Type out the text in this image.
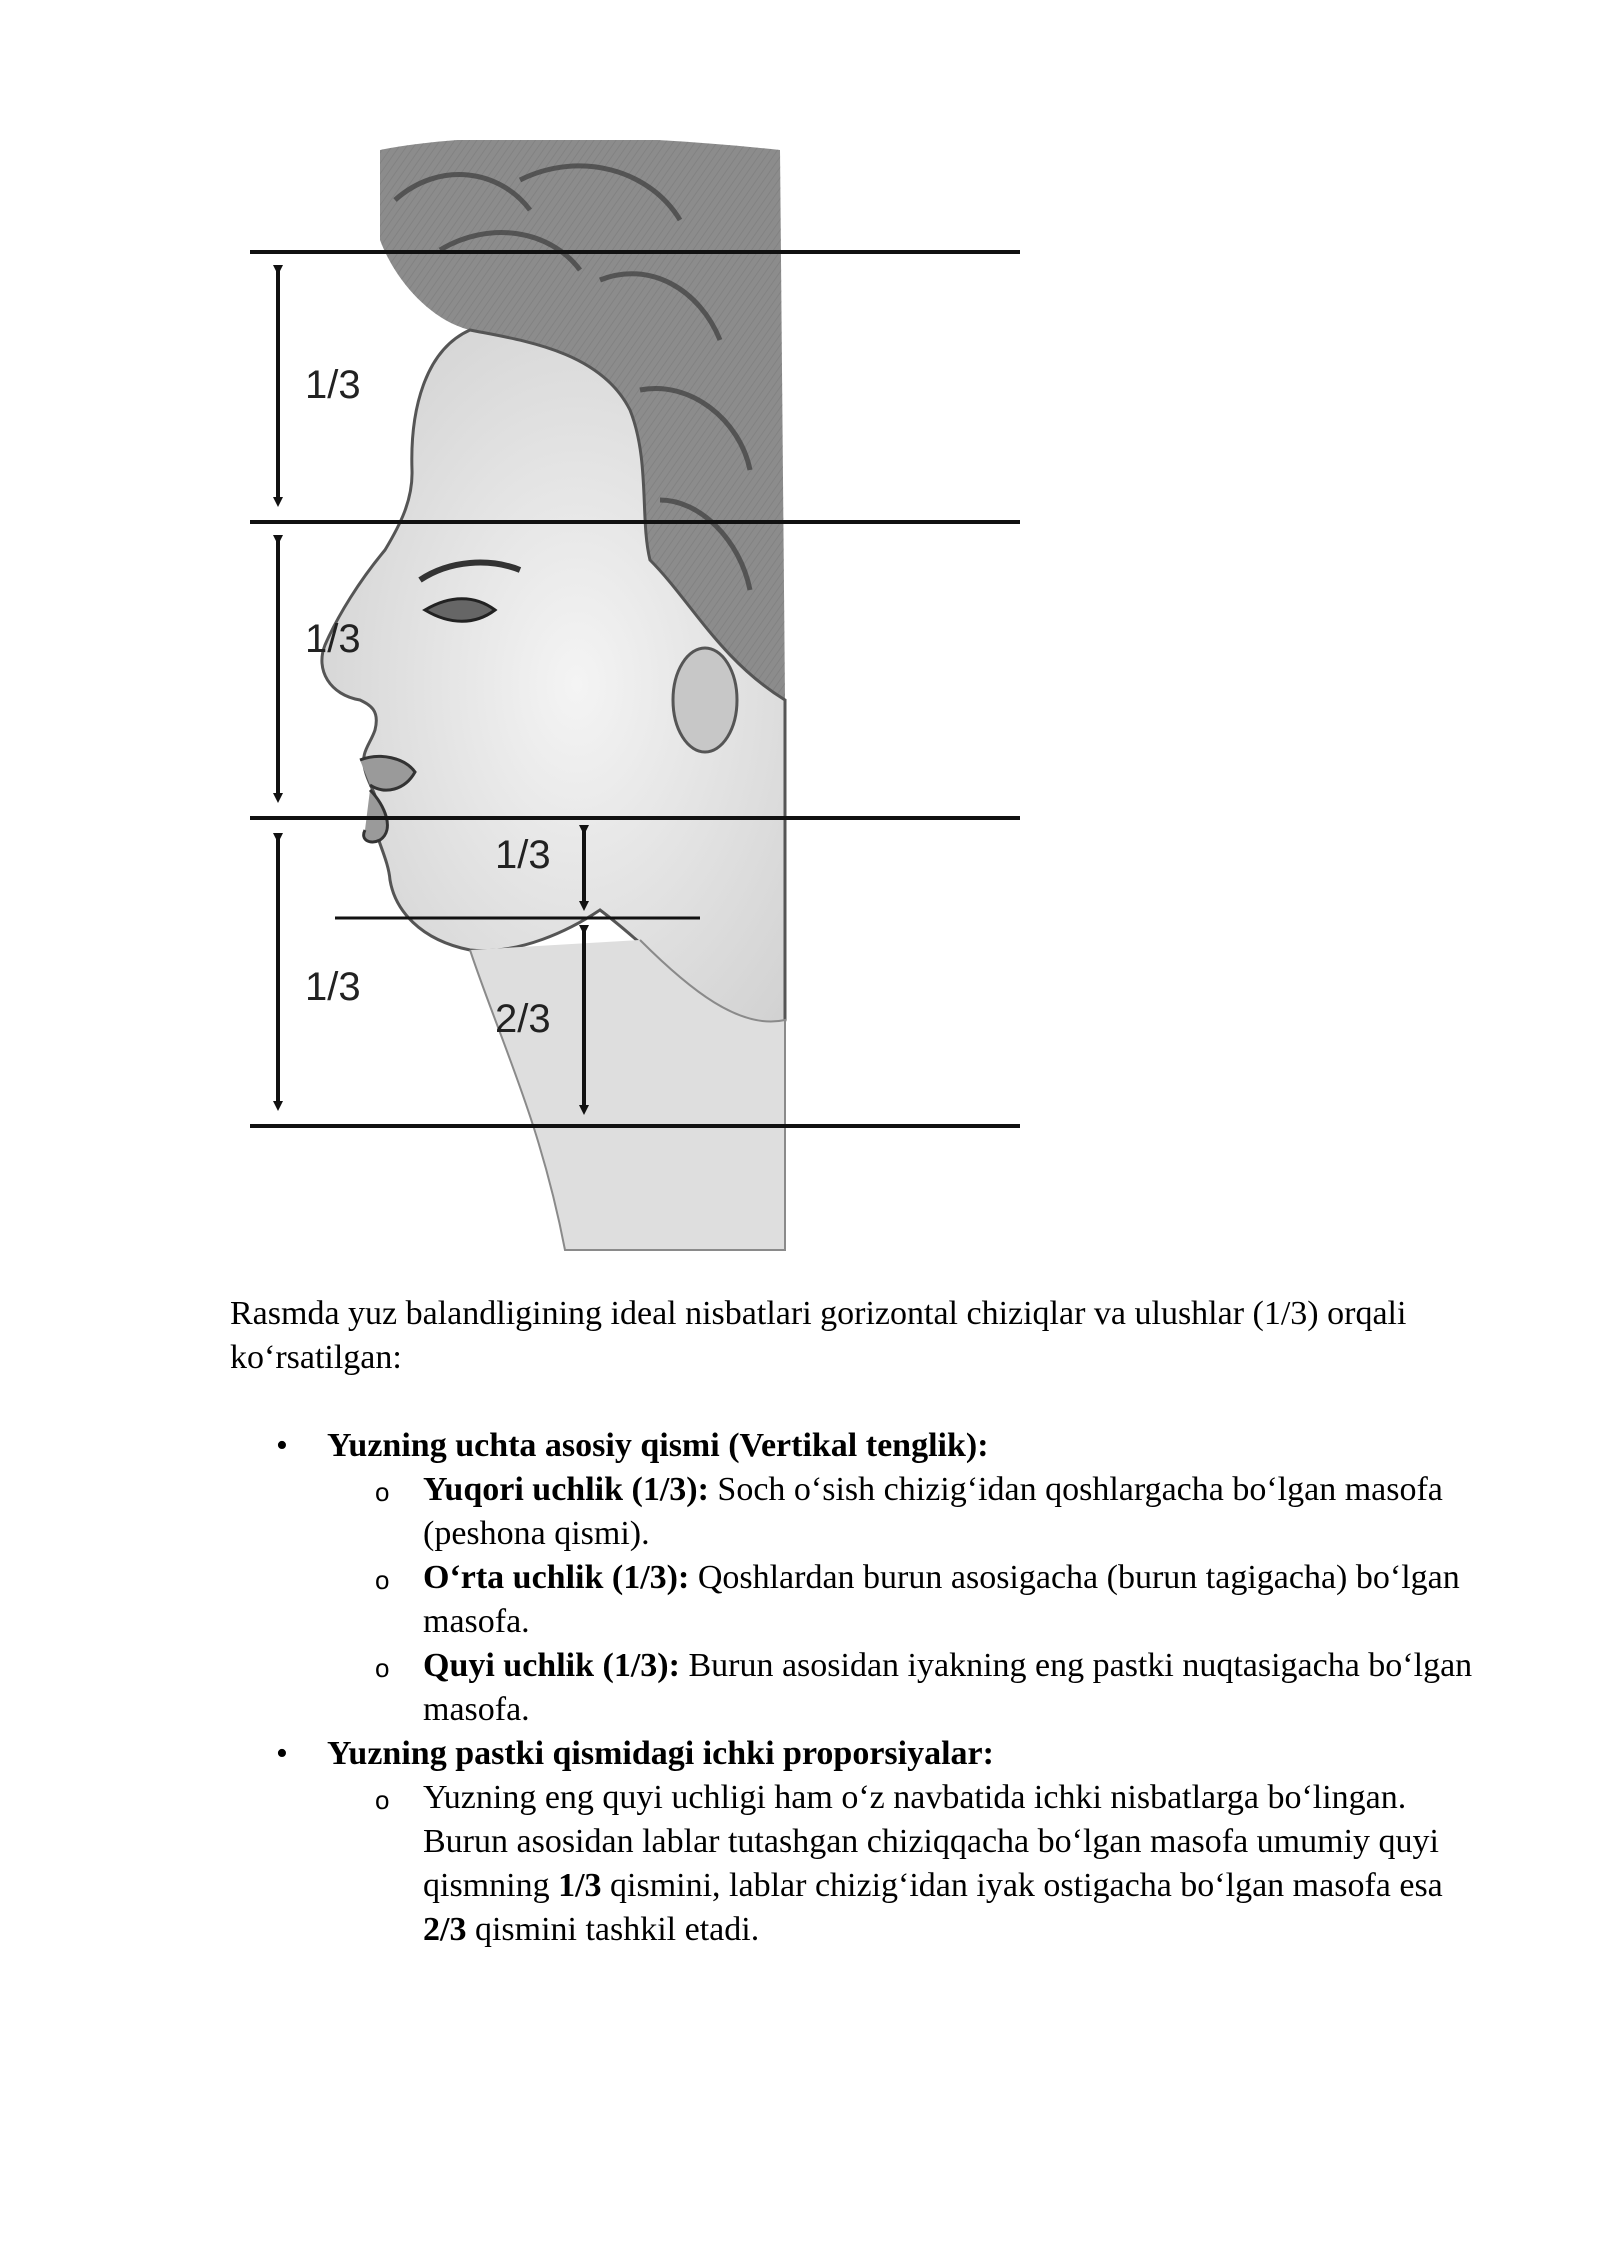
1/3
1/3
1/3
1/3
2/3

Rasmda yuz balandligining ideal nisbatlari gorizontal chiziqlar va ulushlar (1/3) orqali koʻrsatilgan:

• Yuzning uchta asosiy qismi (Vertikal tenglik):
o Yuqori uchlik (1/3): Soch oʻsish chizigʻidan qoshlargacha boʻlgan masofa (peshona qismi).
o Oʻrta uchlik (1/3): Qoshlardan burun asosigacha (burun tagigacha) boʻlgan masofa.
o Quyi uchlik (1/3): Burun asosidan iyakning eng pastki nuqtasigacha boʻlgan masofa.
• Yuzning pastki qismidagi ichki proporsiyalar:
o Yuzning eng quyi uchligi ham oʻz navbatida ichki nisbatlarga boʻlingan. Burun asosidan lablar tutashgan chiziqqacha boʻlgan masofa umumiy quyi qismning 1/3 qismini, lablar chizigʻidan iyak ostigacha boʻlgan masofa esa 2/3 qismini tashkil etadi.
